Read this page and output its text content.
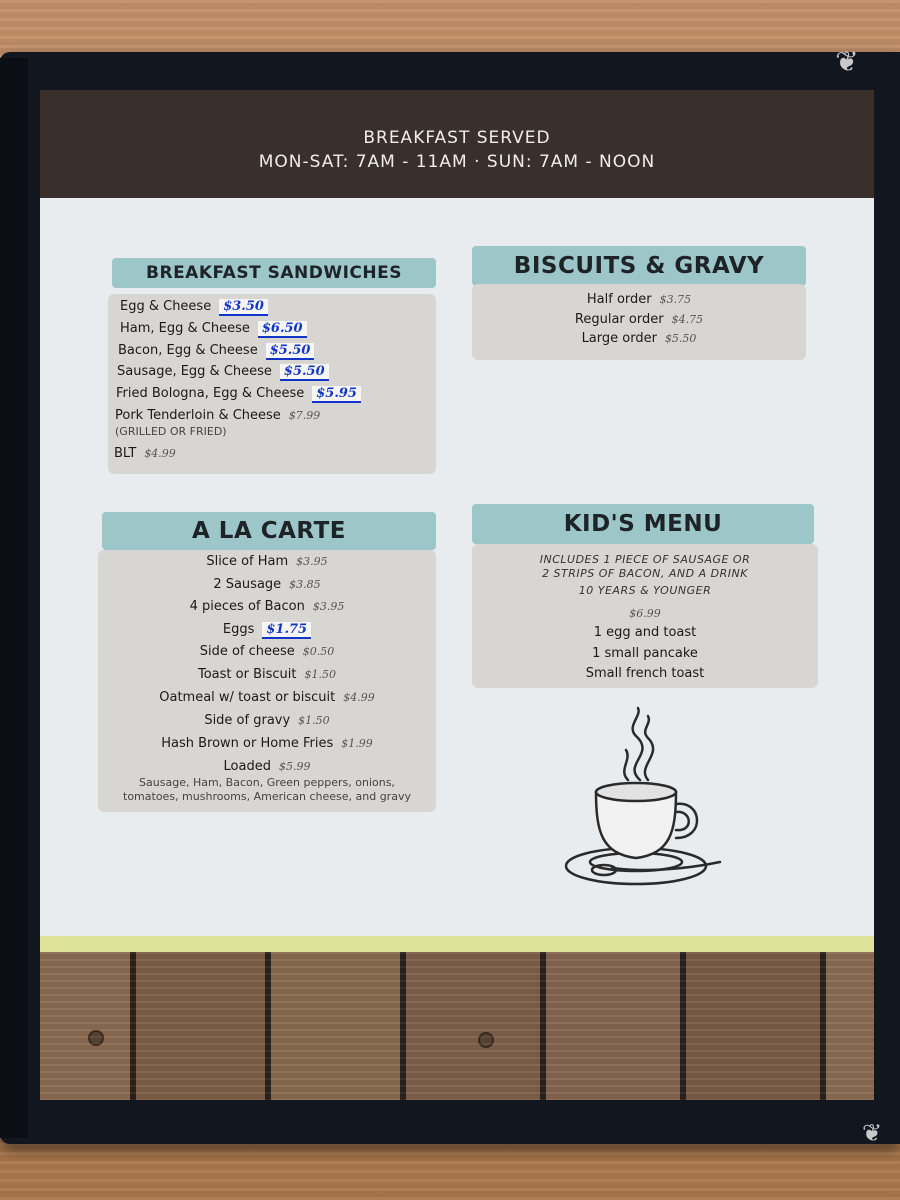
❦
❦
BREAKFAST SERVED
MON-SAT: 7AM - 11AM · SUN: 7AM - NOON
BREAKFAST SANDWICHES
Egg & Cheese $3.50
Ham, Egg & Cheese $6.50
Bacon, Egg & Cheese $5.50
Sausage, Egg & Cheese $5.50
Fried Bologna, Egg & Cheese $5.95
Pork Tenderloin & Cheese $7.99
(GRILLED OR FRIED)
BLT $4.99
BISCUITS & GRAVY
Half order $3.75
Regular order $4.75
Large order $5.50
A LA CARTE
Slice of Ham $3.95
2 Sausage $3.85
4 pieces of Bacon $3.95
Eggs $1.75
Side of cheese $0.50
Toast or Biscuit $1.50
Oatmeal w/ toast or biscuit $4.99
Side of gravy $1.50
Hash Brown or Home Fries $1.99
Loaded $5.99
Sausage, Ham, Bacon, Green peppers, onions,
tomatoes, mushrooms, American cheese, and gravy
KID'S MENU
INCLUDES 1 PIECE OF SAUSAGE OR
2 STRIPS OF BACON, AND A DRINK
10 YEARS & YOUNGER
$6.99
1 egg and toast
1 small pancake
Small french toast
